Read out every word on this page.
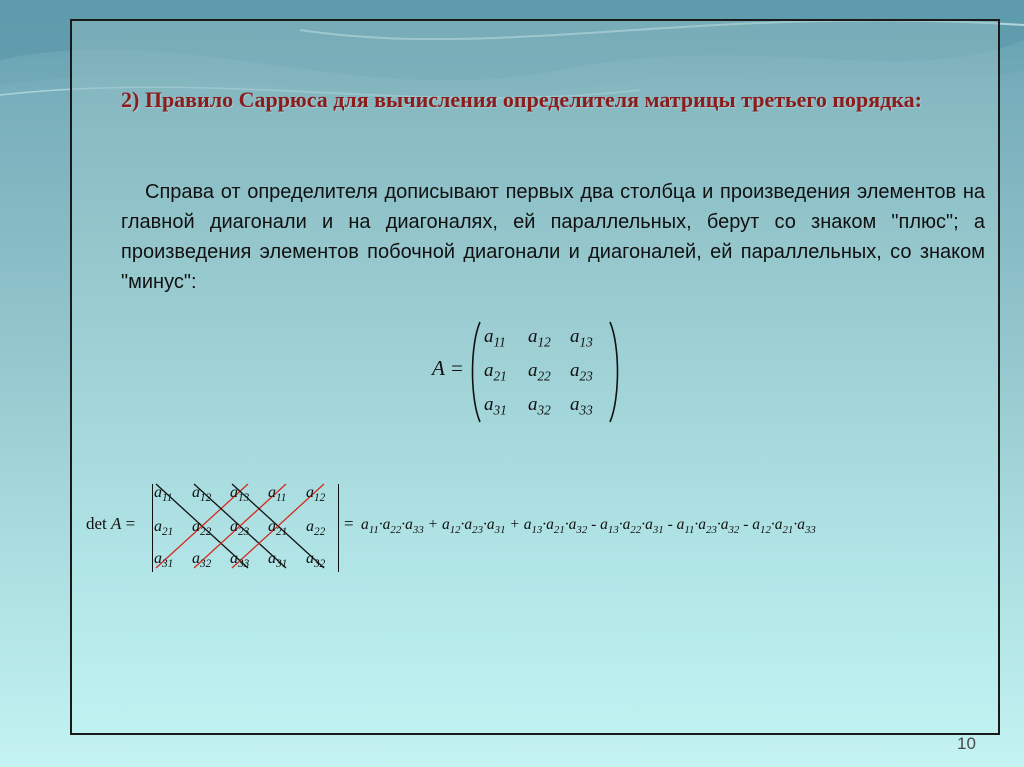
2) Правило Саррюса для вычисления определителя матрицы третьего порядка:

Справа от определителя дописывают первых два столбца и произведения элементов на главной диагонали и на диагоналях, ей параллельных, берут со знаком "плюс"; а произведения элементов побочной диагонали и диагоналей, ей параллельных, со знаком "минус":

A =
$a_{11}$ $a_{12}$ $a_{13}$
$a_{21}$ $a_{22}$ $a_{23}$
$a_{31}$ $a_{32}$ $a_{33}$
det A =
$a_{11}$ $a_{12}$ $a_{13}$ $a_{11}$ $a_{12}$
$a_{21}$ $a_{22}$ $a_{23}$ $a_{21}$ $a_{22}$
$a_{31}$ $a_{32}$ $a_{33}$ $a_{31}$ $a_{32}$
= $a_{11}\cdot a_{22}\cdot a_{33} + a_{12}\cdot a_{23}\cdot a_{31} + a_{13}\cdot a_{21}\cdot a_{32} - a_{13}\cdot a_{22}\cdot a_{31} - a_{11}\cdot a_{23}\cdot a_{32} - a_{12}\cdot a_{21}\cdot a_{33}$
10
